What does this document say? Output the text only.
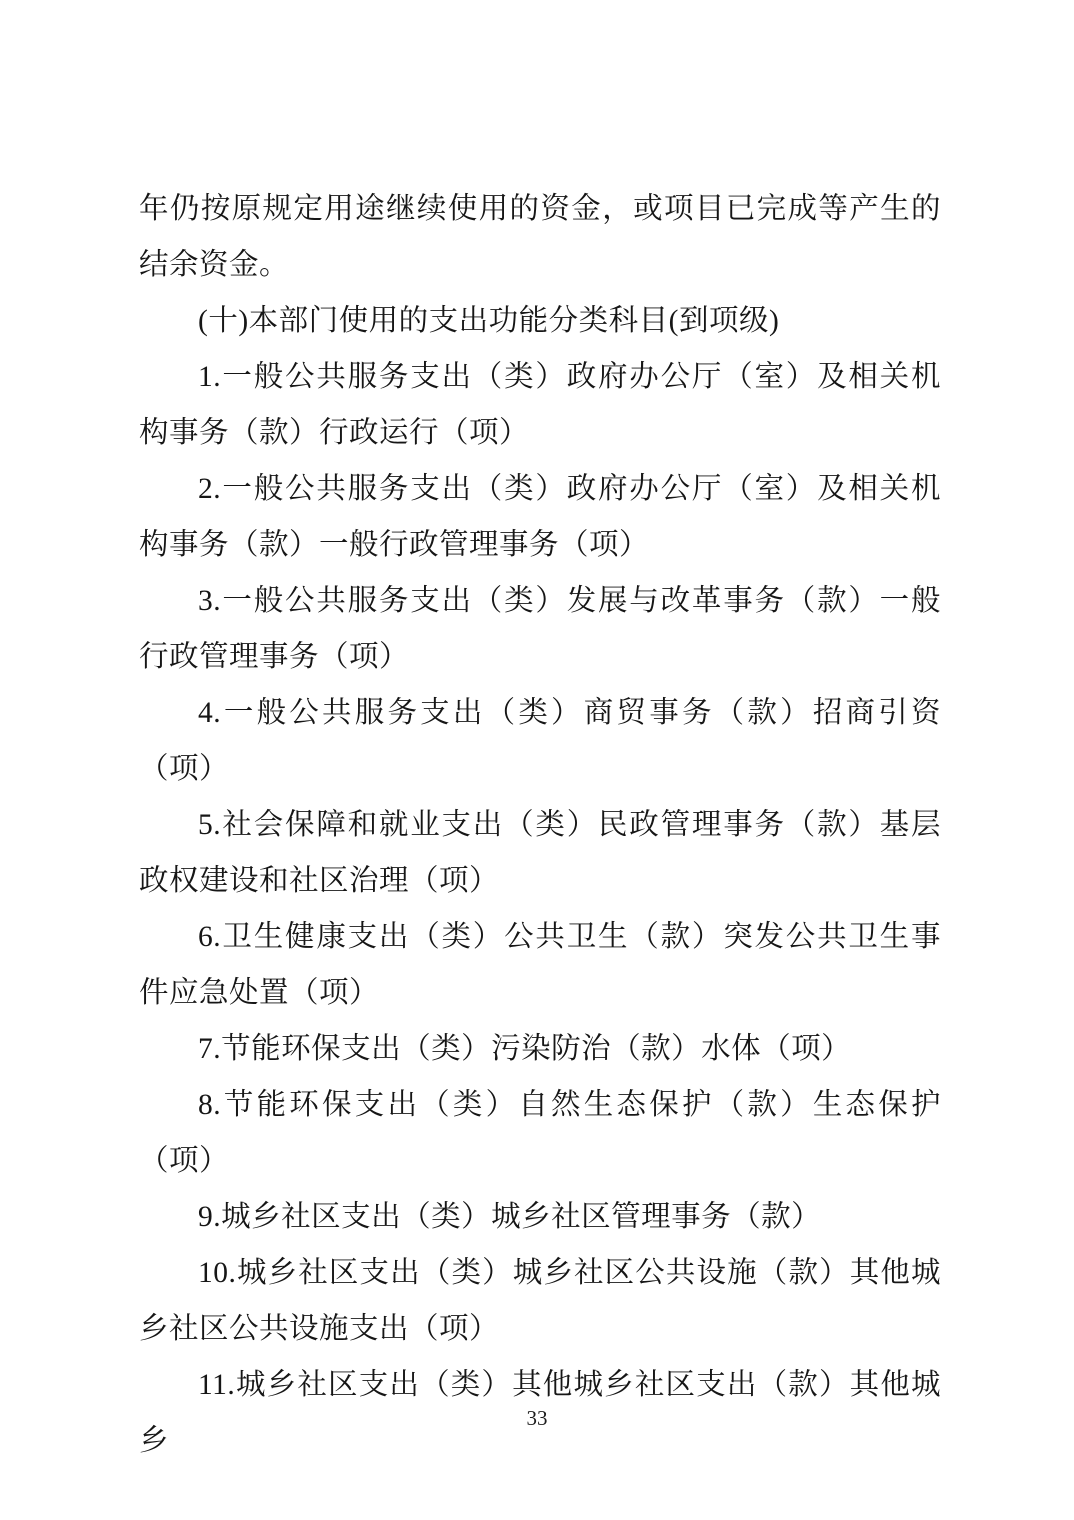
年仍按原规定用途继续使用的资金，或项目已完成等产生的结余资金。

(十)本部门使用的支出功能分类科目(到项级)

1.一般公共服务支出（类）政府办公厅（室）及相关机构事务（款）行政运行（项）

2.一般公共服务支出（类）政府办公厅（室）及相关机构事务（款）一般行政管理事务（项）

3.一般公共服务支出（类）发展与改革事务（款）一般行政管理事务（项）

4.一般公共服务支出（类）商贸事务（款）招商引资（项）

5.社会保障和就业支出（类）民政管理事务（款）基层政权建设和社区治理（项）

6.卫生健康支出（类）公共卫生（款）突发公共卫生事件应急处置（项）

7.节能环保支出（类）污染防治（款）水体（项）

8.节能环保支出（类）自然生态保护（款）生态保护（项）

9.城乡社区支出（类）城乡社区管理事务（款）

10.城乡社区支出（类）城乡社区公共设施（款）其他城乡社区公共设施支出（项）

11.城乡社区支出（类）其他城乡社区支出（款）其他城乡

33
